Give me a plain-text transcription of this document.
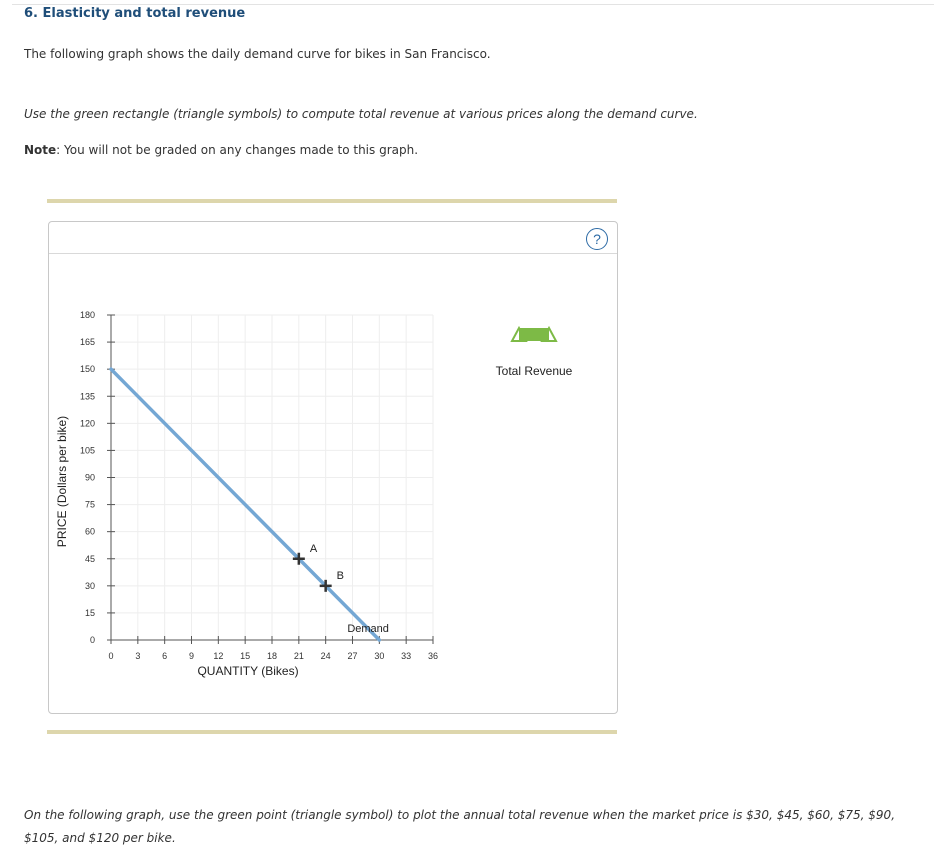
6. Elasticity and total revenue
The following graph shows the daily demand curve for bikes in San Francisco.
Use the green rectangle (triangle symbols) to compute total revenue at various prices along the demand curve.
Note: You will not be graded on any changes made to this graph.
?
0 3 6 9 12 15 18 21 24 27 30 33 36
0
15
30
45
60
75
90
105
120
135
150
165
180
Demand
A
B
QUANTITY (Bikes)
PRICE (Dollars per bike)
Total Revenue
On the following graph, use the green point (triangle symbol) to plot the annual total revenue when the market price is $30, $45, $60, $75, $90, $105, and $120 per bike.
